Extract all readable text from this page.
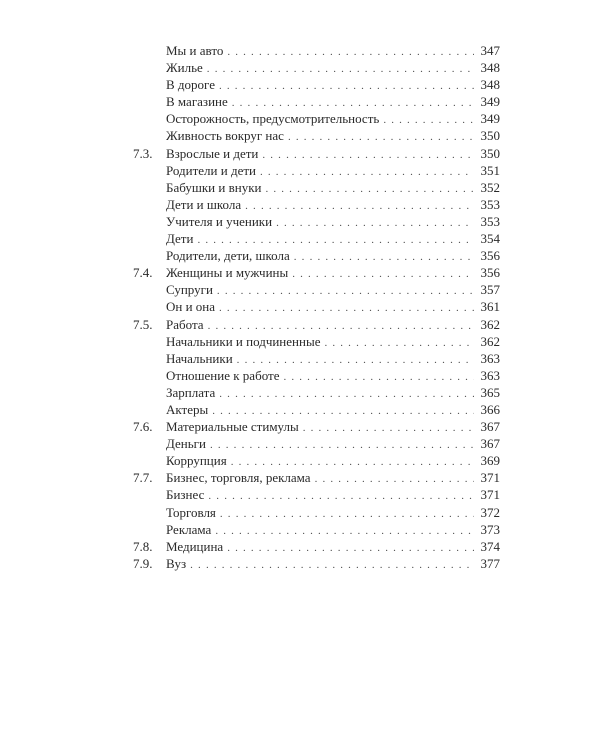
Мы и авто . . .	347
Жилье . . .	348
В дороге . . .	348
В магазине . . .	349
Осторожность, предусмотрительность . . .	349
Живность вокруг нас . . .	350
7.3.	Взрослые и дети . . .	350
Родители и дети . . .	351
Бабушки и внуки . . .	352
Дети и школа . . .	353
Учителя и ученики . . .	353
Дети . . .	354
Родители, дети, школа . . .	356
7.4.	Женщины и мужчины . . .	356
Супруги . . .	357
Он и она . . .	361
7.5.	Работа . . .	362
Начальники и подчиненные . . .	362
Начальники . . .	363
Отношение к работе . . .	363
Зарплата . . .	365
Актеры . . .	366
7.6.	Материальные стимулы . . .	367
Деньги . . .	367
Коррупция . . .	369
7.7.	Бизнес, торговля, реклама . . .	371
Бизнес . . .	371
Торговля . . .	372
Реклама . . .	373
7.8.	Медицина . . .	374
7.9.	Вуз . . .	377
